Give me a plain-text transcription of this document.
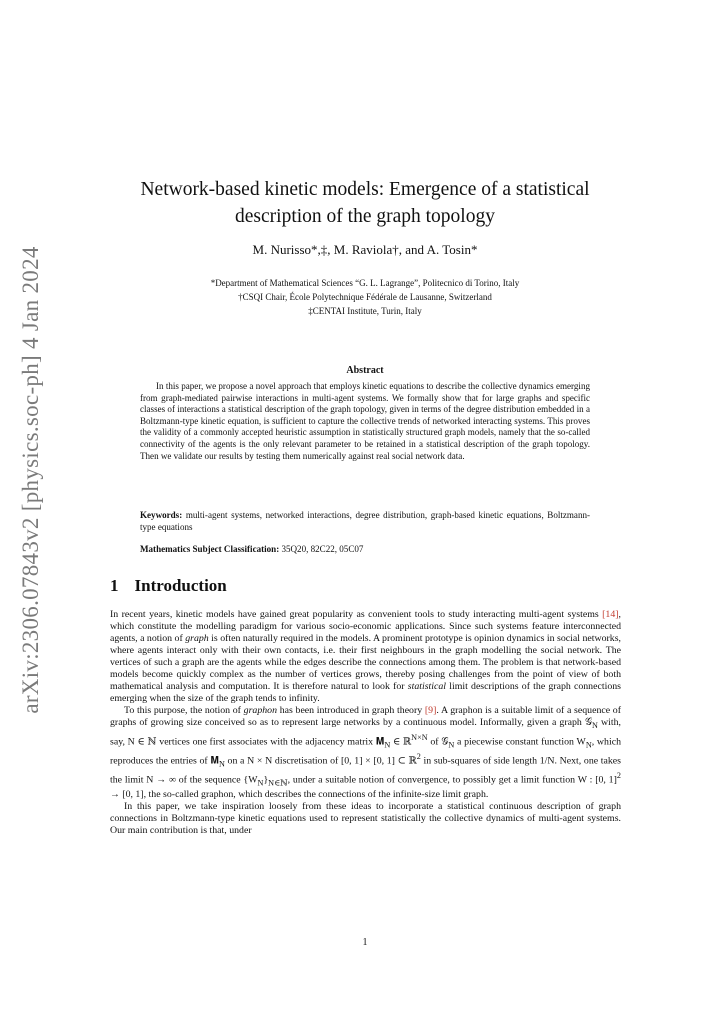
arXiv:2306.07843v2 [physics.soc-ph] 4 Jan 2024
Network-based kinetic models: Emergence of a statistical
description of the graph topology
M. Nurisso*,‡, M. Raviola†, and A. Tosin*
*Department of Mathematical Sciences “G. L. Lagrange”, Politecnico di Torino, Italy
†CSQI Chair, École Polytechnique Fédérale de Lausanne, Switzerland
‡CENTAI Institute, Turin, Italy
Abstract

In this paper, we propose a novel approach that employs kinetic equations to describe the collective dynamics emerging from graph-mediated pairwise interactions in multi-agent systems. We formally show that for large graphs and specific classes of interactions a statistical description of the graph topology, given in terms of the degree distribution embedded in a Boltzmann-type kinetic equation, is sufficient to capture the collective trends of networked interacting systems. This proves the validity of a commonly accepted heuristic assumption in statistically structured graph models, namely that the so-called connectivity of the agents is the only relevant parameter to be retained in a statistical description of the graph topology. Then we validate our results by testing them numerically against real social network data.

Keywords: multi-agent systems, networked interactions, degree distribution, graph-based kinetic equations, Boltzmann-type equations

Mathematics Subject Classification: 35Q20, 82C22, 05C07

1 Introduction

In recent years, kinetic models have gained great popularity as convenient tools to study interacting multi-agent systems [14], which constitute the modelling paradigm for various socio-economic applications. Since such systems feature interconnected agents, a notion of graph is often naturally required in the models. A prominent prototype is opinion dynamics in social networks, where agents interact only with their own contacts, i.e. their first neighbours in the graph modelling the social network. The vertices of such a graph are the agents while the edges describe the connections among them. The problem is that network-based models become quickly complex as the number of vertices grows, thereby posing challenges from the point of view of both mathematical analysis and computation. It is therefore natural to look for statistical limit descriptions of the graph connections emerging when the size of the graph tends to infinity.

To this purpose, the notion of graphon has been introduced in graph theory [9]. A graphon is a suitable limit of a sequence of graphs of growing size conceived so as to represent large networks by a continuous model. Informally, given a graph 𝒢$_N$ with, say, N ∈ ℕ vertices one first associates with the adjacency matrix 𝐌$_N$ ∈ ℝ$^{N\times N}$ of 𝒢$_N$ a piecewise constant function $W_N$, which reproduces the entries of 𝐌$_N$ on a N × N discretisation of [0, 1] × [0, 1] ⊂ ℝ$^2$ in sub-squares of side length 1/N. Next, one takes the limit N → ∞ of the sequence $\{W_N\}_{N\in ℕ}$, under a suitable notion of convergence, to possibly get a limit function W : [0, 1]$^2$ → [0, 1], the so-called graphon, which describes the connections of the infinite-size limit graph.

In this paper, we take inspiration loosely from these ideas to incorporate a statistical continuous description of graph connections in Boltzmann-type kinetic equations used to represent statistically the collective dynamics of multi-agent systems. Our main contribution is that, under

1
